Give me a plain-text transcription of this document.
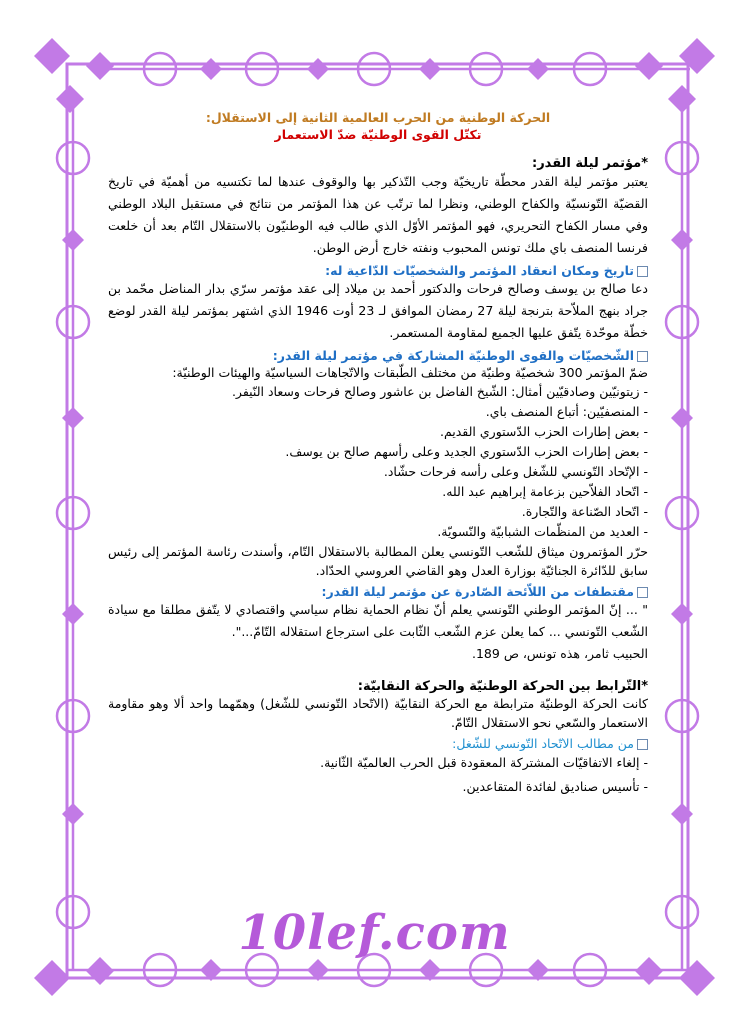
الحركة الوطنية من الحرب العالمية الثانية إلى الاستقلال:
تكتّل القوى الوطنيّة ضدّ الاستعمار
*مؤتمر ليلة القدر:
يعتبر مؤتمر ليلة القدر محطّة تاريخيّة وجب التّذكير بها والوقوف عندها لما تكتسيه من أهميّة في تاريخ القضيّة التّونسيّة والكفاح الوطني، ونظرا لما ترتّب عن هذا المؤتمر من نتائج في مستقبل البلاد الوطني وفي مسار الكفاح التحريري، فهو المؤتمر الأوّل الذي طالب فيه الوطنيّون بالاستقلال التّام بعد أن خلعت فرنسا المنصف باي ملك تونس المحبوب ونفته خارج أرض الوطن.
تاريخ ومكان انعقاد المؤتمر والشخصيّات الدّاعية له:
دعا صالح بن يوسف وصالح فرحات والدكتور أحمد بن ميلاد إلى عقد مؤتمر سرّي بدار المناضل محّمد بن جراد بنهج الملاّحة بترنجة ليلة 27 رمضان الموافق لـ 23 أوت 1946 الذي اشتهر بمؤتمر ليلة القدر لوضع خطّة موحّدة يتّفق عليها الجميع لمقاومة المستعمر.
الشّخصيّات والقوى الوطنيّة المشاركة في مؤتمر ليلة القدر:
ضمّ المؤتمر 300 شخصيّة وطنيّة من مختلف الطّبقات والاتّجاهات السياسيّة والهيئات الوطنيّة:
- زيتونيّين وصادقيّين أمثال: الشّيخ الفاضل بن عاشور وصالح فرحات وسعاد النّيفر.
- المنصفيّين: أتباع المنصف باي.
- بعض إطارات الحزب الدّستوري القديم.
- بعض إطارات الحزب الدّستوري الجديد وعلى رأسهم صالح بن يوسف.
- الإتّحاد التّونسي للشّغل وعلى رأسه فرحات حشّاد.
- اتّحاد الفلاّحين بزعامة إبراهيم عبد الله.
- اتّحاد الصّناعة والتّجارة.
- العديد من المنظّمات الشبابيّة والنّسويّة.
حرّر المؤتمرون ميثاق للشّعب التّونسي يعلن المطالبة بالاستقلال التّام، وأسندت رئاسة المؤتمر إلى رئيس سابق للدّائرة الجنائيّة بوزارة العدل وهو القاضي العروسي الحدّاد.
مقتطفات من اللاّئحة الصّادرة عن مؤتمر ليلة القدر:
" ... إنّ المؤتمر الوطني التّونسي يعلم أنّ نظام الحماية نظام سياسي واقتصادي لا يتّفق مطلقا مع سيادة الشّعب التّونسي ... كما يعلن عزم الشّعب الثّابت على استرجاع استقلاله التّامّ...".
الحبيب ثامر، هذه تونس، ص 189.
*التّرابط بين الحركة الوطنيّة والحركة النقابيّة:
كانت الحركة الوطنيّة مترابطة مع الحركة النقابيّة (الاتّحاد التّونسي للشّغل) وهمّهما واحد ألا وهو مقاومة الاستعمار والسّعي نحو الاستقلال التّامّ.
من مطالب الاتّحاد التّونسي للشّغل:
- إلغاء الاتفاقيّات المشتركة المعقودة قبل الحرب العالميّة الثّانية.
- تأسيس صناديق لفائدة المتقاعدين.
10lef.com
